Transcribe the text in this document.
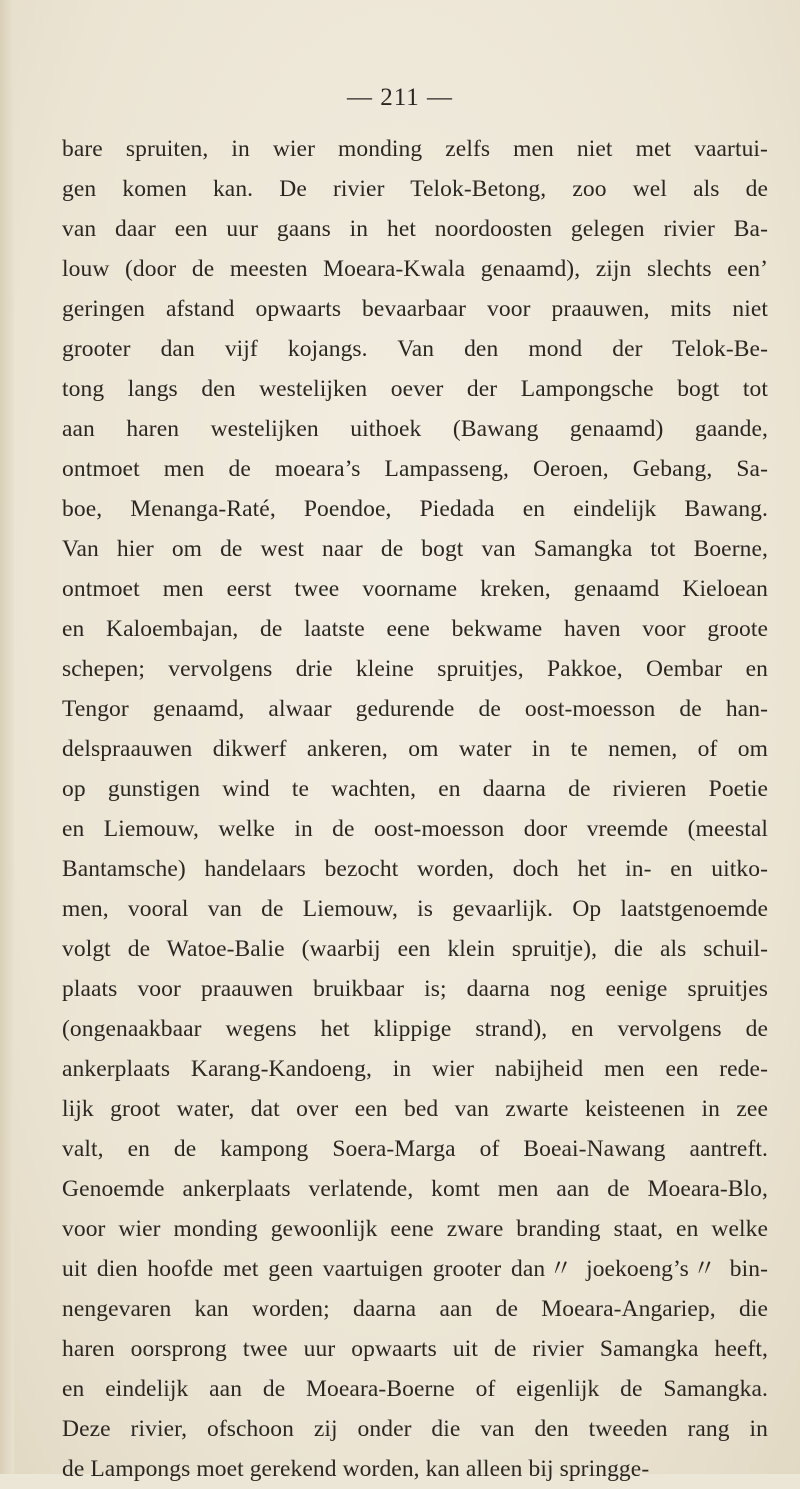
— 211 —
bare spruiten, in wier monding zelfs men niet met vaartui-
gen komen kan. De rivier Telok-Betong, zoo wel als de
van daar een uur gaans in het noordoosten gelegen rivier Ba-
louw (door de meesten Moeara-Kwala genaamd), zijn slechts een’
geringen afstand opwaarts bevaarbaar voor praauwen, mits niet
grooter dan vijf kojangs. Van den mond der Telok-Be-
tong langs den westelijken oever der Lampongsche bogt tot
aan haren westelijken uithoek (Bawang genaamd) gaande,
ontmoet men de moeara’s Lampasseng, Oeroen, Gebang, Sa-
boe, Menanga-Raté, Poendoe, Piedada en eindelijk Bawang.
Van hier om de west naar de bogt van Samangka tot Boerne,
ontmoet men eerst twee voorname kreken, genaamd Kieloean
en Kaloembajan, de laatste eene bekwame haven voor groote
schepen; vervolgens drie kleine spruitjes, Pakkoe, Oembar en
Tengor genaamd, alwaar gedurende de oost-moesson de han-
delspraauwen dikwerf ankeren, om water in te nemen, of om
op gunstigen wind te wachten, en daarna de rivieren Poetie
en Liemouw, welke in de oost-moesson door vreemde (meestal
Bantamsche) handelaars bezocht worden, doch het in- en uitko-
men, vooral van de Liemouw, is gevaarlijk. Op laatstgenoemde
volgt de Watoe-Balie (waarbij een klein spruitje), die als schuil-
plaats voor praauwen bruikbaar is; daarna nog eenige spruitjes
(ongenaakbaar wegens het klippige strand), en vervolgens de
ankerplaats Karang-Kandoeng, in wier nabijheid men een rede-
lijk groot water, dat over een bed van zwarte keisteenen in zee
valt, en de kampong Soera-Marga of Boeai-Nawang aantreft.
Genoemde ankerplaats verlatende, komt men aan de Moeara-Blo,
voor wier monding gewoonlijk eene zware branding staat, en welke
uit dien hoofde met geen vaartuigen grooter dan〃 joekoeng’s〃 bin-
nengevaren kan worden; daarna aan de Moeara-Angariep, die
haren oorsprong twee uur opwaarts uit de rivier Samangka heeft,
en eindelijk aan de Moeara-Boerne of eigenlijk de Samangka.
Deze rivier, ofschoon zij onder die van den tweeden rang in
de Lampongs moet gerekend worden, kan alleen bij springge-
